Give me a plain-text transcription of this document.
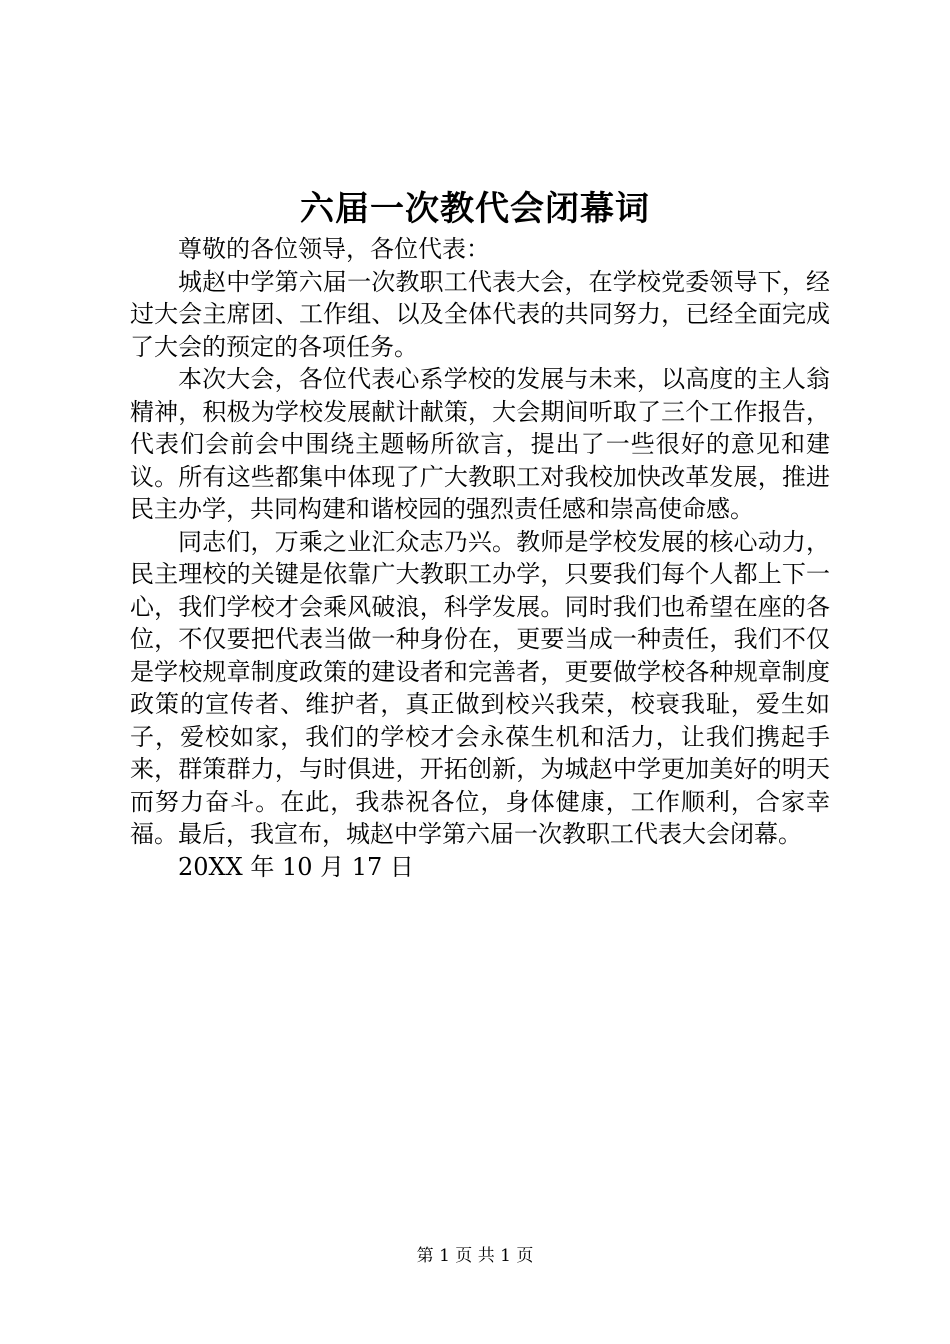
六届一次教代会闭幕词

尊敬的各位领导，各位代表：

城赵中学第六届一次教职工代表大会，在学校党委领导下，经过大会主席团、工作组、以及全体代表的共同努力，已经全面完成了大会的预定的各项任务。

本次大会，各位代表心系学校的发展与未来，以高度的主人翁精神，积极为学校发展献计献策，大会期间听取了三个工作报告，代表们会前会中围绕主题畅所欲言，提出了一些很好的意见和建议。所有这些都集中体现了广大教职工对我校加快改革发展，推进民主办学，共同构建和谐校园的强烈责任感和崇高使命感。

同志们，万乘之业汇众志乃兴。教师是学校发展的核心动力，民主理校的关键是依靠广大教职工办学，只要我们每个人都上下一心，我们学校才会乘风破浪，科学发展。同时我们也希望在座的各位，不仅要把代表当做一种身份在，更要当成一种责任，我们不仅是学校规章制度政策的建设者和完善者，更要做学校各种规章制度政策的宣传者、维护者，真正做到校兴我荣，校衰我耻，爱生如子，爱校如家，我们的学校才会永葆生机和活力，让我们携起手来，群策群力，与时俱进，开拓创新，为城赵中学更加美好的明天而努力奋斗。在此，我恭祝各位，身体健康，工作顺利，合家幸福。最后，我宣布，城赵中学第六届一次教职工代表大会闭幕。

20XX 年 10 月 17 日

第 1 页 共 1 页
